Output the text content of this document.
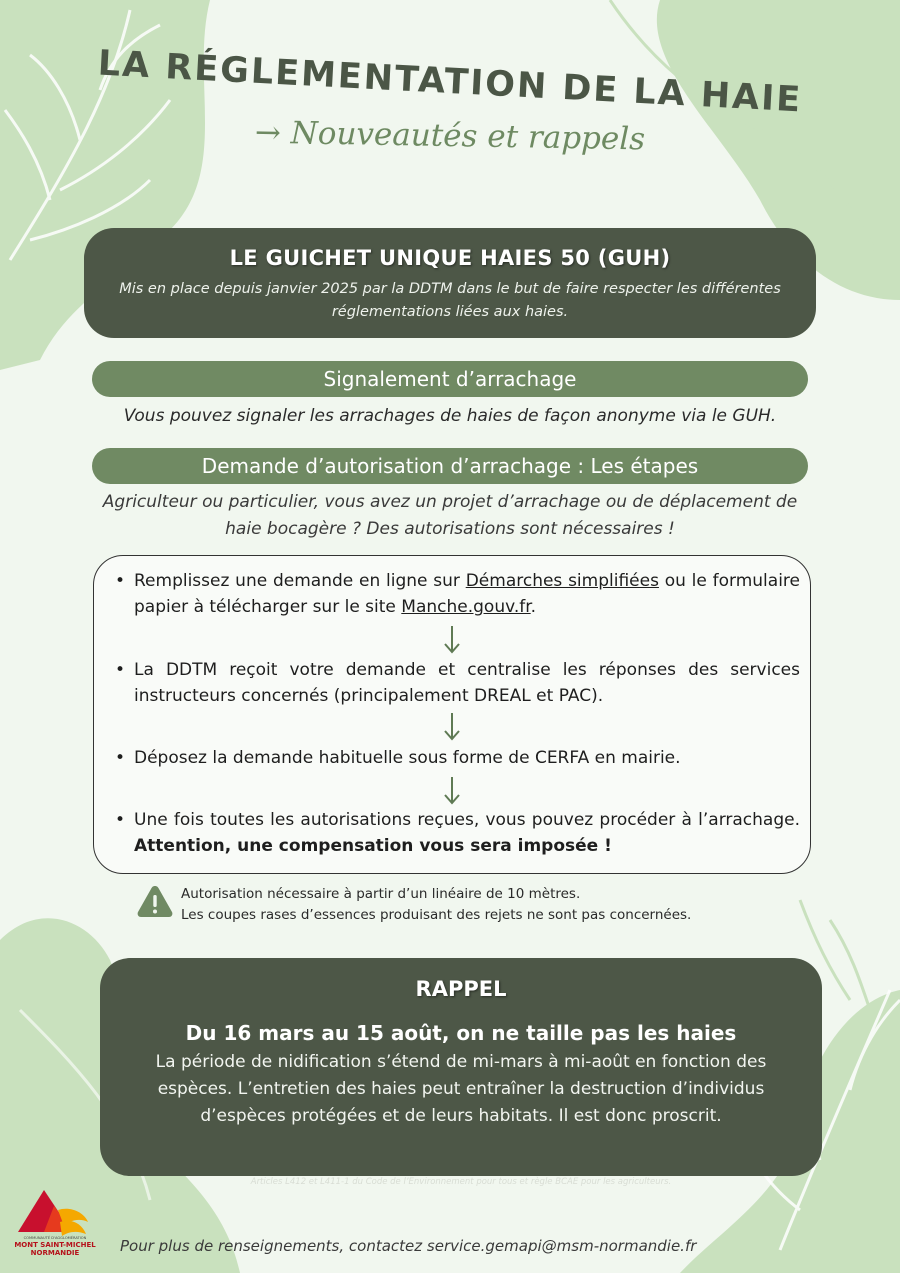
LA RÉGLEMENTATION DE LA HAIE
→ Nouveautés et rappels
LE GUICHET UNIQUE HAIES 50 (GUH)
Mis en place depuis janvier 2025 par la DDTM dans le but de faire respecter les différentes réglementations liées aux haies.
Signalement d’arrachage
Vous pouvez signaler les arrachages de haies de façon anonyme via le GUH.
Demande d’autorisation d’arrachage : Les étapes
Agriculteur ou particulier, vous avez un projet d’arrachage ou de déplacement de haie bocagère ? Des autorisations sont nécessaires !
• Remplissez une demande en ligne sur Démarches simplifiées ou le formulaire papier à télécharger sur le site Manche.gouv.fr.
• La DDTM reçoit votre demande et centralise les réponses des services instructeurs concernés (principalement DREAL et PAC).
• Déposez la demande habituelle sous forme de CERFA en mairie.
• Une fois toutes les autorisations reçues, vous pouvez procéder à l’arrachage. Attention, une compensation vous sera imposée !
Autorisation nécessaire à partir d’un linéaire de 10 mètres.
Les coupes rases d’essences produisant des rejets ne sont pas concernées.
RAPPEL
Du 16 mars au 15 août, on ne taille pas les haies
La période de nidification s’étend de mi-mars à mi-août en fonction des espèces. L’entretien des haies peut entraîner la destruction d’individus d’espèces protégées et de leurs habitats. Il est donc proscrit.
Articles L412 et L411-1 du Code de l’Environnement pour tous et règle BCAE pour les agriculteurs.
COMMUNAUTÉ D'AGGLOMÉRATION
MONT SAINT-MICHEL
NORMANDIE	Pour plus de renseignements, contactez service.gemapi@msm-normandie.fr
